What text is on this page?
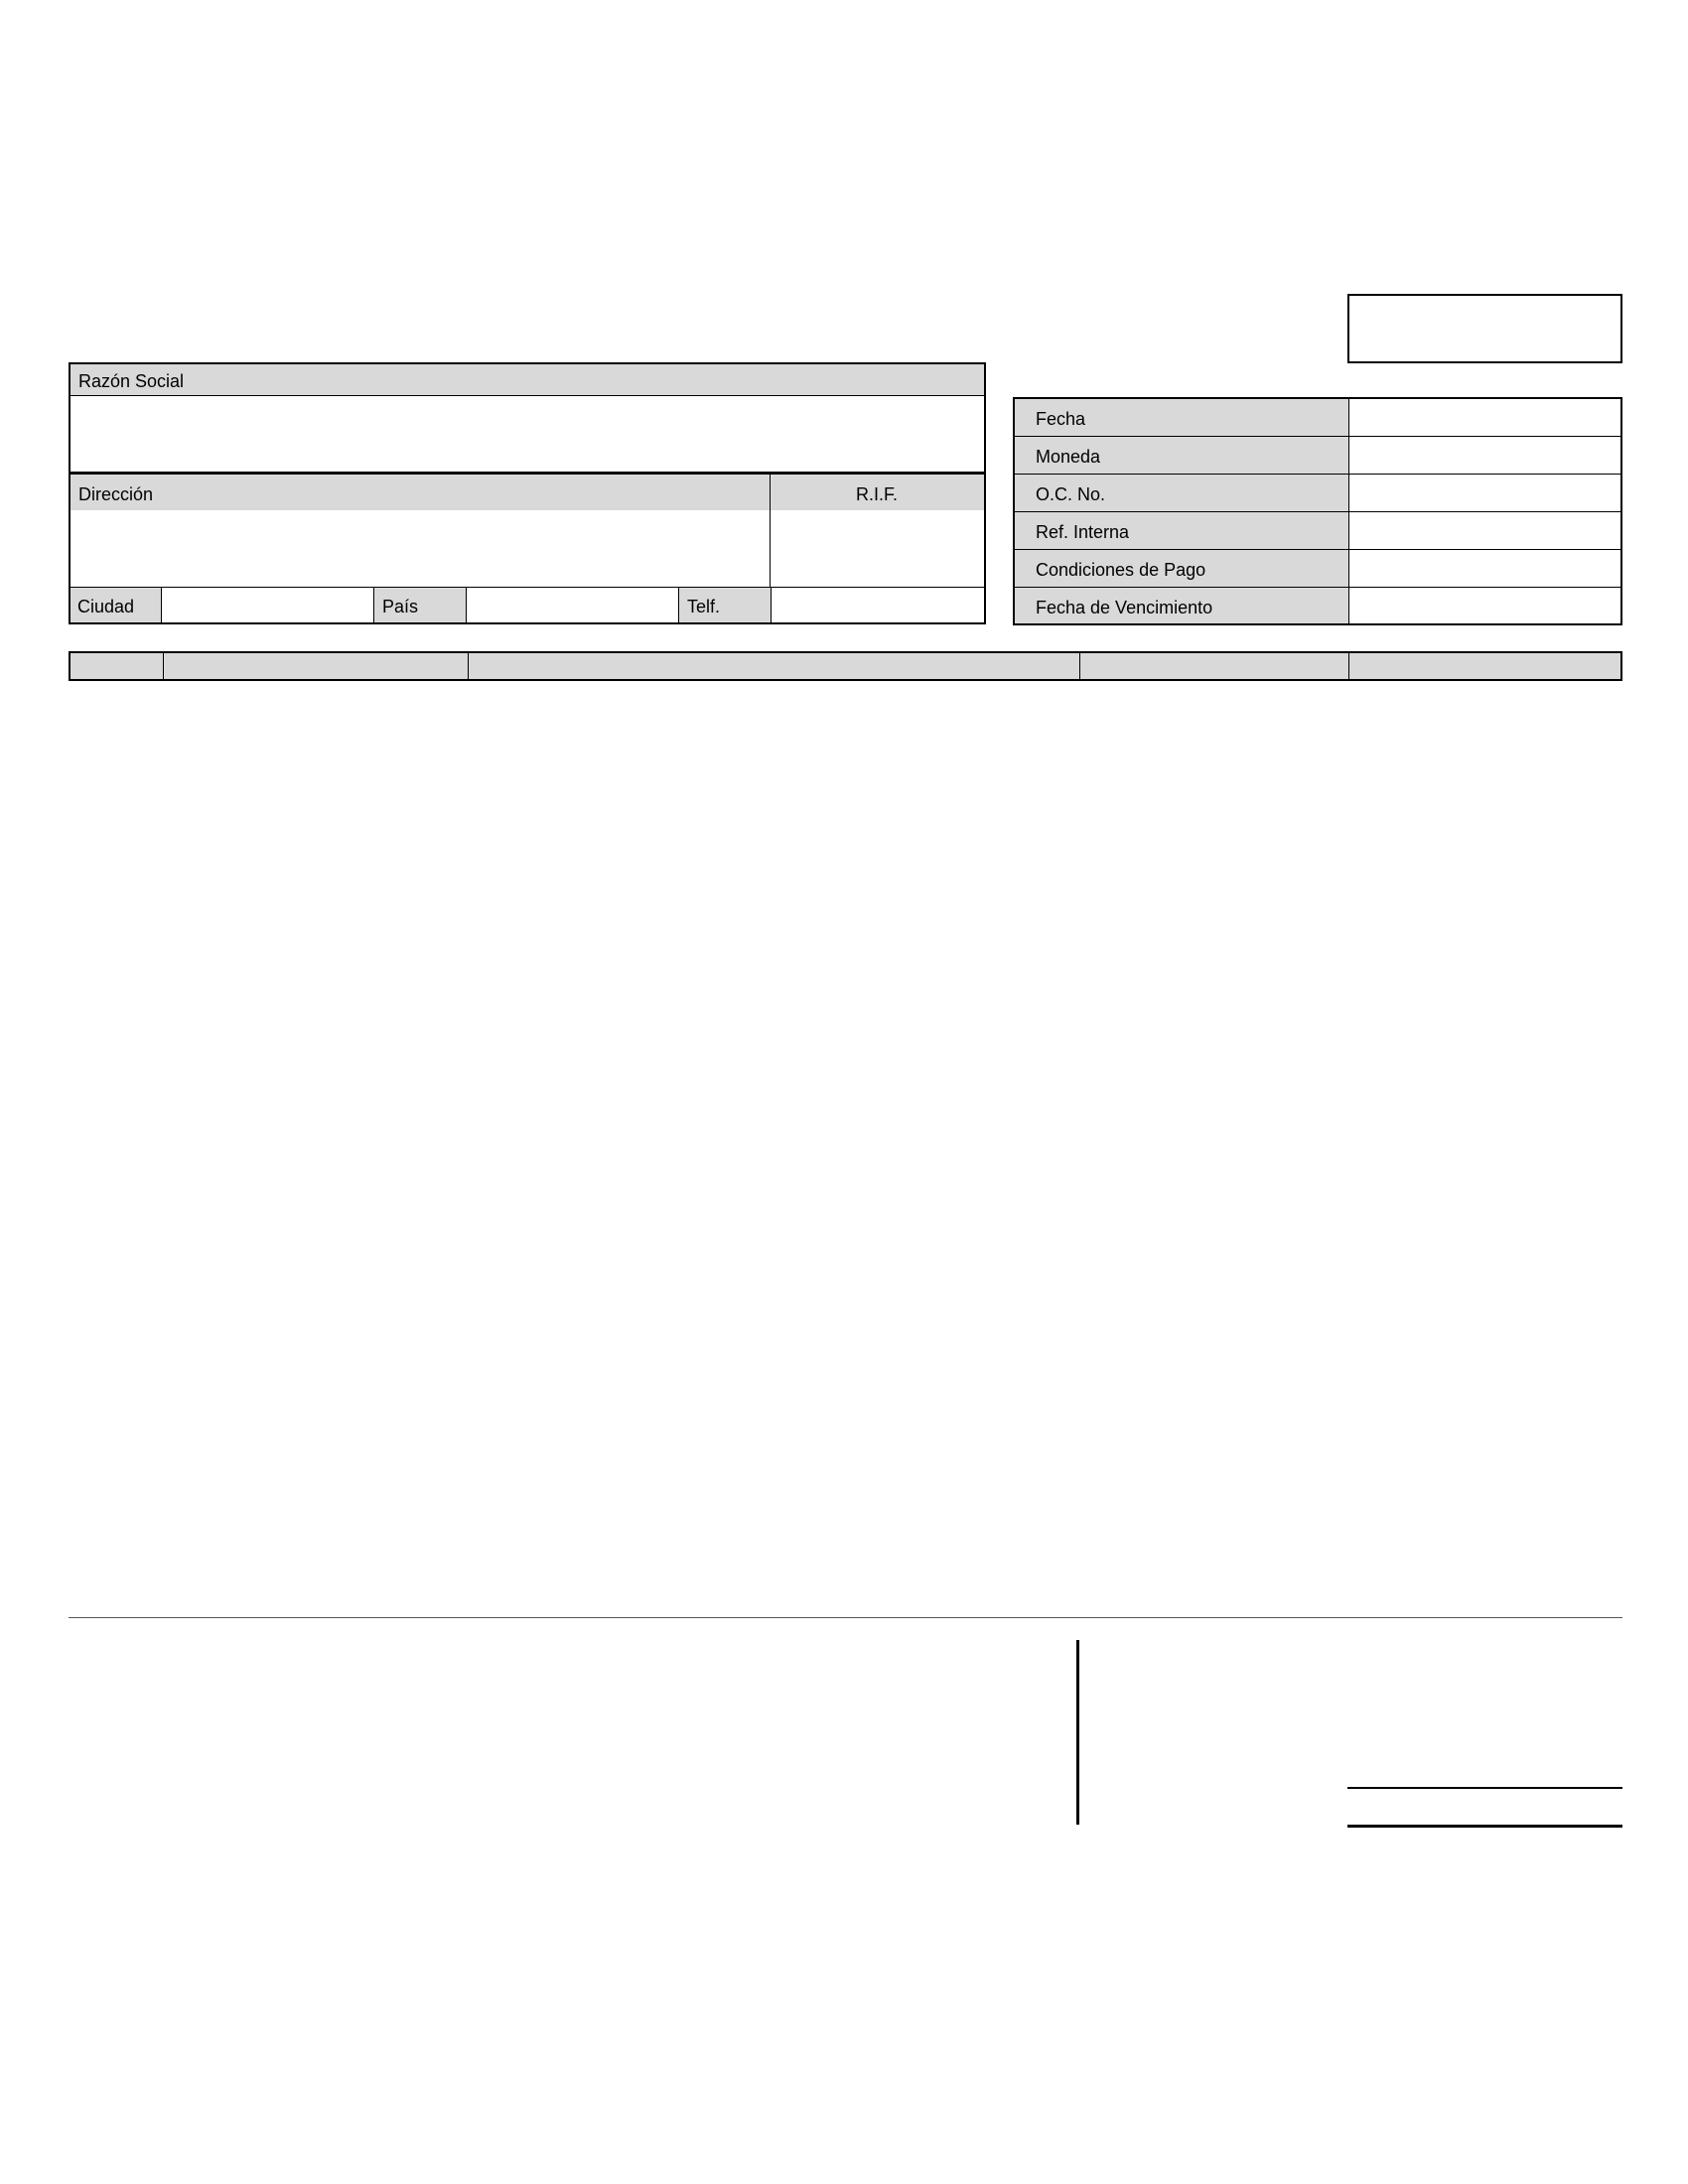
Razón Social
Dirección	R.I.F.
Ciudad	País	Telf.
Fecha
Moneda
O.C. No.
Ref. Interna
Condiciones de Pago
Fecha de Vencimiento
